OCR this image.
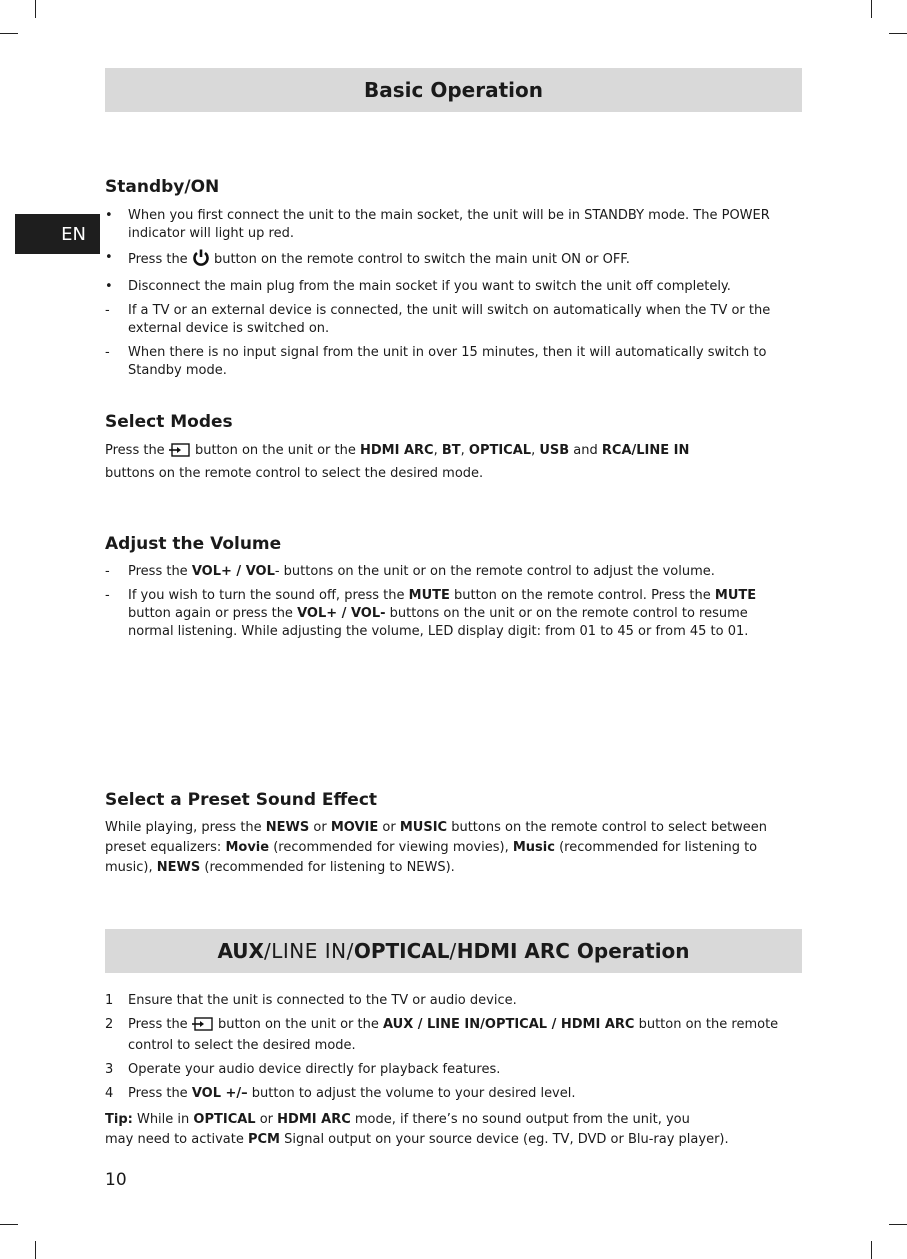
Basic Operation
EN
Standby/ON
•	When you first connect the unit to the main socket, the unit will be in STANDBY mode. The POWER indicator will light up red.
•	Press the  button on the remote control to switch the main unit ON or OFF.
•	Disconnect the main plug from the main socket if you want to switch the unit off completely.
-	If a TV or an external device is connected, the unit will switch on automatically when the TV or the external device is switched on.
-	When there is no input signal from the unit in over 15 minutes, then it will automatically switch to Standby mode.
Select Modes

Press the  button on the unit or the HDMI ARC, BT, OPTICAL, USB and RCA/LINE IN
buttons on the remote control to select the desired mode.

Adjust the Volume
-	Press the VOL+ / VOL- buttons on the unit or on the remote control to adjust the volume.
-	If you wish to turn the sound off, press the MUTE button on the remote control. Press the MUTE button again or press the VOL+ / VOL- buttons on the unit or on the remote control to resume normal listening. While adjusting the volume, LED display digit: from 01 to 45 or from 45 to 01.
Select a Preset Sound Effect

While playing, press the NEWS or MOVIE or MUSIC buttons on the remote control to select between preset equalizers: Movie (recommended for viewing movies), Music (recommended for listening to music), NEWS (recommended for listening to NEWS).

AUX / LINE IN / OPTICAL / HDMI ARC Operation
1	Ensure that the unit is connected to the TV or audio device.
2	Press the  button on the unit or the AUX / LINE IN/OPTICAL / HDMI ARC button on the remote control to select the desired mode.
3	Operate your audio device directly for playback features.
4	Press the VOL +/– button to adjust the volume to your desired level.

Tip: While in OPTICAL or HDMI ARC mode, if there’s no sound output from the unit, you
may need to activate PCM Signal output on your source device (eg. TV, DVD or Blu-ray player).

10
